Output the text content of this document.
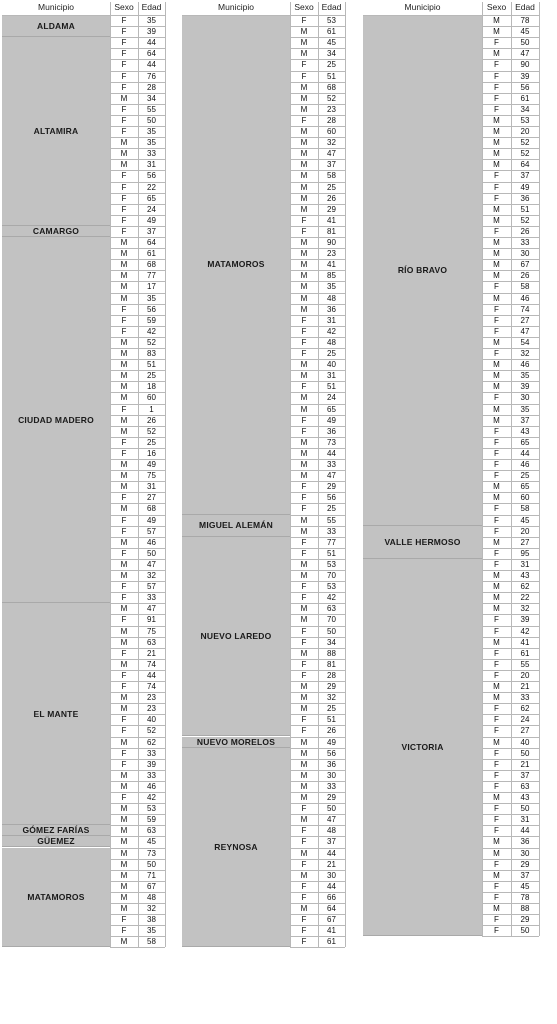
Municipio	Sexo Edad
ALDAMA
F	35
F	39
ALTAMIRA
F	44
F	64
F	44
F	76
F	28
M	34
F	55
F	50
F	35
M	35
M	33
M	31
F	56
F	22
F	65
F	24
F	49
CAMARGO	F	37
CIUDAD MADERO
M	64
M	61
M	68
M	77
M	17
M	35
F	56
F	59
F	42
M	52
M	83
M	51
M	25
M	18
M	60
F	1
M	26
M	52
F	25
F	16
M	49
M	75
M	31
F	27
M	68
F	49
F	57
M	46
F	50
M	47
M	32
F	57
F	33
EL MANTE
M	47
F	91
M	75
M	63
F	21
M	74
F	44
F	74
M	23
M	23
F	40
F	52
M	62
F	33
F	39
M	33
M	46
F	42
M	53
M	59
GÓMEZ FARÍAS	M	63
GÜEMEZ	M	45
MATAMOROS
M	73
M	50
M	71
M	67
M	48
M	32
F	38
F	35
M	58
Municipio	Sexo Edad
MATAMOROS
F	53
M	61
M	45
M	34
F	25
F	51
M	68
M	52
M	23
F	28
M	60
M	32
M	47
M	37
M	58
M	25
M	26
M	29
F	41
F	81
M	90
M	23
M	41
M	85
M	35
M	48
M	36
F	31
F	42
F	48
F	25
M	40
M	31
F	51
M	24
M	65
F	49
F	36
M	73
M	44
M	33
M	47
F	29
F	56
F	25
MIGUEL ALEMÁN
M	55
M	33
NUEVO LAREDO
F	77
F	51
M	53
M	70
F	53
F	42
M	63
M	70
F	50
F	34
M	88
F	81
F	28
M	29
M	32
M	25
F	51
F	26
NUEVO MORELOS	M	49
REYNOSA
M	56
M	36
M	30
M	33
M	29
F	50
M	47
F	48
F	37
M	44
F	21
M	30
F	44
F	66
M	64
F	67
F	41
F	61
Municipio	Sexo	Edad
RÍO BRAVO
M	78
M	45
F	50
M	47
F	90
F	39
F	56
F	61
F	34
M	53
M	20
M	52
M	52
M	64
F	37
F	49
F	36
M	51
M	52
F	26
M	33
M	30
M	67
M	26
F	58
M	46
F	74
F	27
F	47
M	54
F	32
M	46
M	35
M	39
F	30
M	35
M	37
F	43
F	65
F	44
F	46
F	25
M	65
M	60
F	58
F	45
VALLE HERMOSO
F	20
M	27
F	95
VICTORIA
F	31
M	43
M	62
M	22
M	32
F	39
F	42
M	41
F	61
F	55
F	20
M	21
M	33
F	62
F	24
F	27
M	40
F	50
F	21
F	37
F	63
M	43
F	50
F	31
F	44
M	36
M	30
F	29
M	37
F	45
F	78
M	88
F	29
F	50
